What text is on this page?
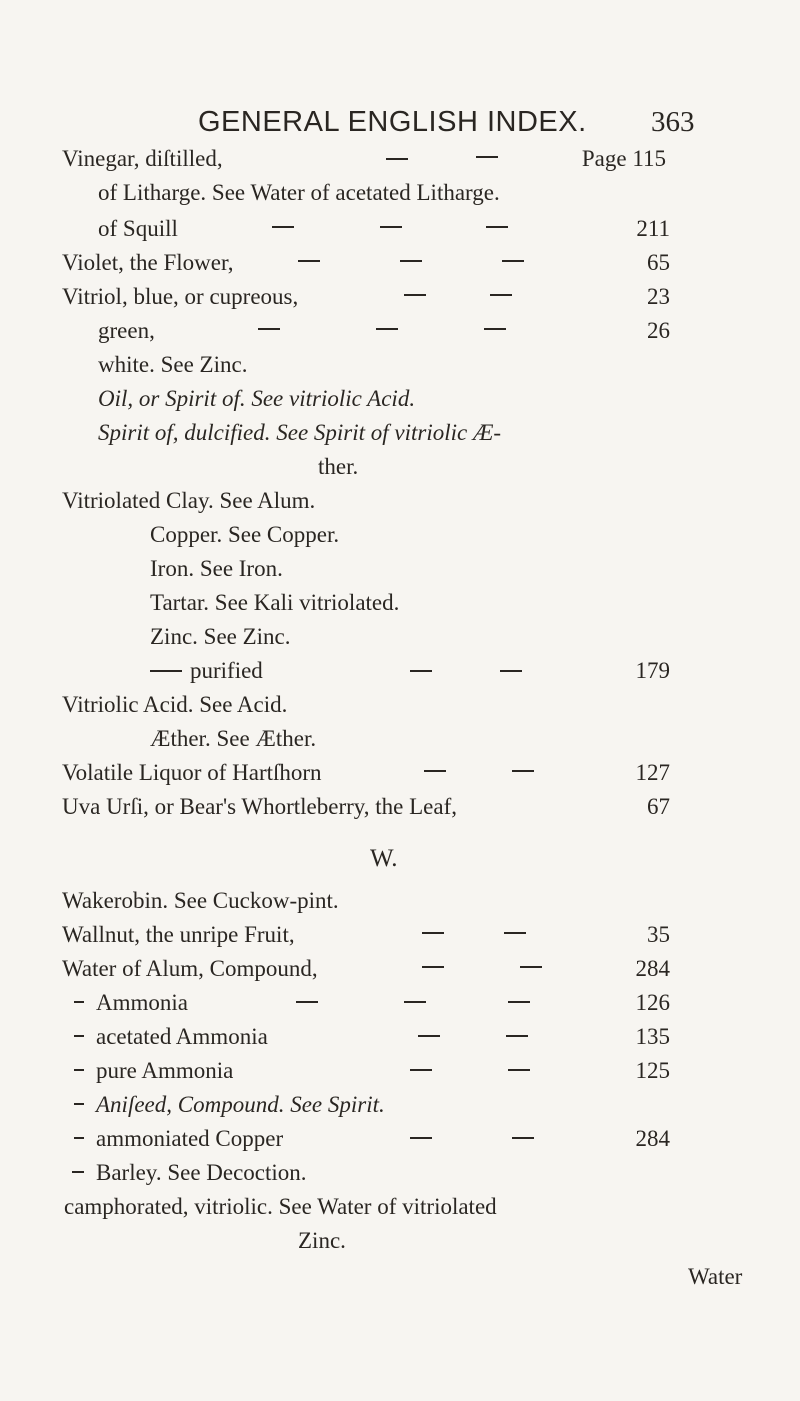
GENERAL ENGLISH INDEX. 363
Vinegar, diſtilled,	Page 115
of Litharge. See Water of acetated Litharge.
of Squill	211
Violet, the Flower,	65
Vitriol, blue, or cupreous,	23
green,	26
white. See Zinc.
Oil, or Spirit of. See vitriolic Acid.
Spirit of, dulcified. See Spirit of vitriolic Æ-
ther.
Vitriolated Clay. See Alum.
Copper. See Copper.
Iron. See Iron.
Tartar. See Kali vitriolated.
Zinc. See Zinc.
purified	179
Vitriolic Acid. See Acid.
Æther. See Æther.
Volatile Liquor of Hartſhorn	127
Uva Urſi, or Bear's Whortleberry, the Leaf,	67
W.
Wakerobin. See Cuckow-pint.
Wallnut, the unripe Fruit,	35
Water of Alum, Compound,	284
Ammonia	126
acetated Ammonia	135
pure Ammonia	125
Aniſeed, Compound. See Spirit.
ammoniated Copper	284
Barley. See Decoction.
camphorated, vitriolic. See Water of vitriolated
Zinc.
Water
